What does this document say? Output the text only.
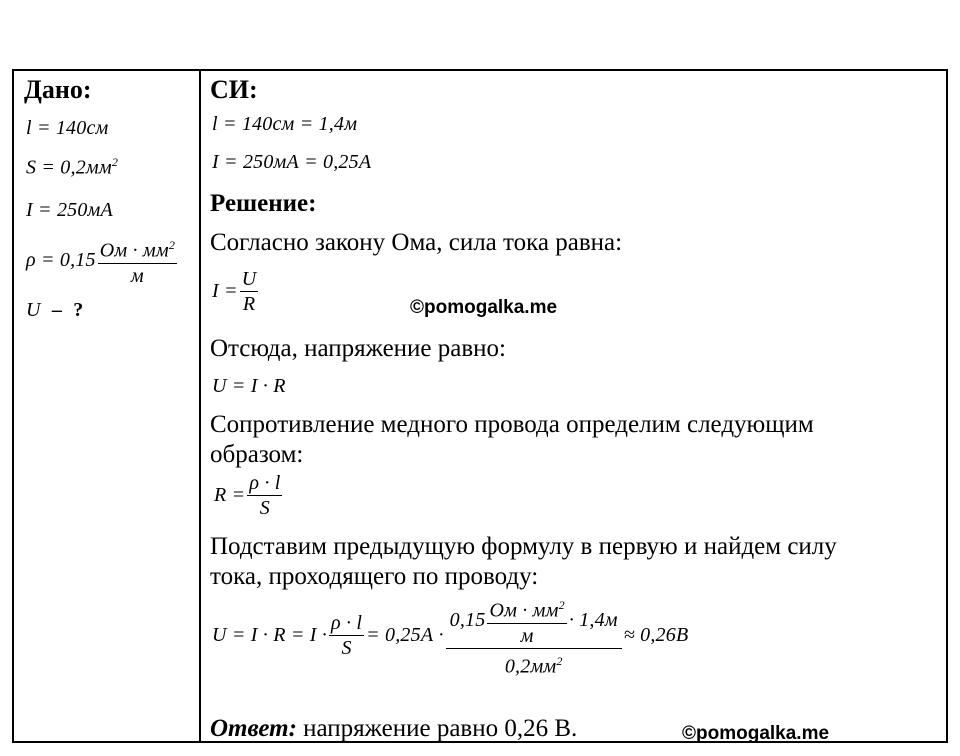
Дано:
l = 140см
$S = 0,2мм^2$
I = 250мА
$\rho = 0,15 \frac{Ом \cdot мм^2}{м}$
U – ?
СИ:
l = 140см = 1,4м
I = 250мА = 0,25А
Решение:
Согласно закону Ома, сила тока равна:
$I = \frac{U}{R}$	©pomogalka.me
Отсюда, напряжение равно:
U = I · R
Сопротивление медного провода определим следующим
образом:
$R = \frac{\rho \cdot l}{S}$
Подставим предыдущую формулу в первую и найдем силу
тока, проходящего по проводу:
$U = I \cdot R = I \cdot \frac{\rho \cdot l}{S} = 0,25А$ ·
$0,15 \frac{Ом \cdot мм^2}{м} \cdot 1,4м$
$0,2мм^2$
≈ 0,26В
Ответ: напряжение равно 0,26 В.	©pomogalka.me
